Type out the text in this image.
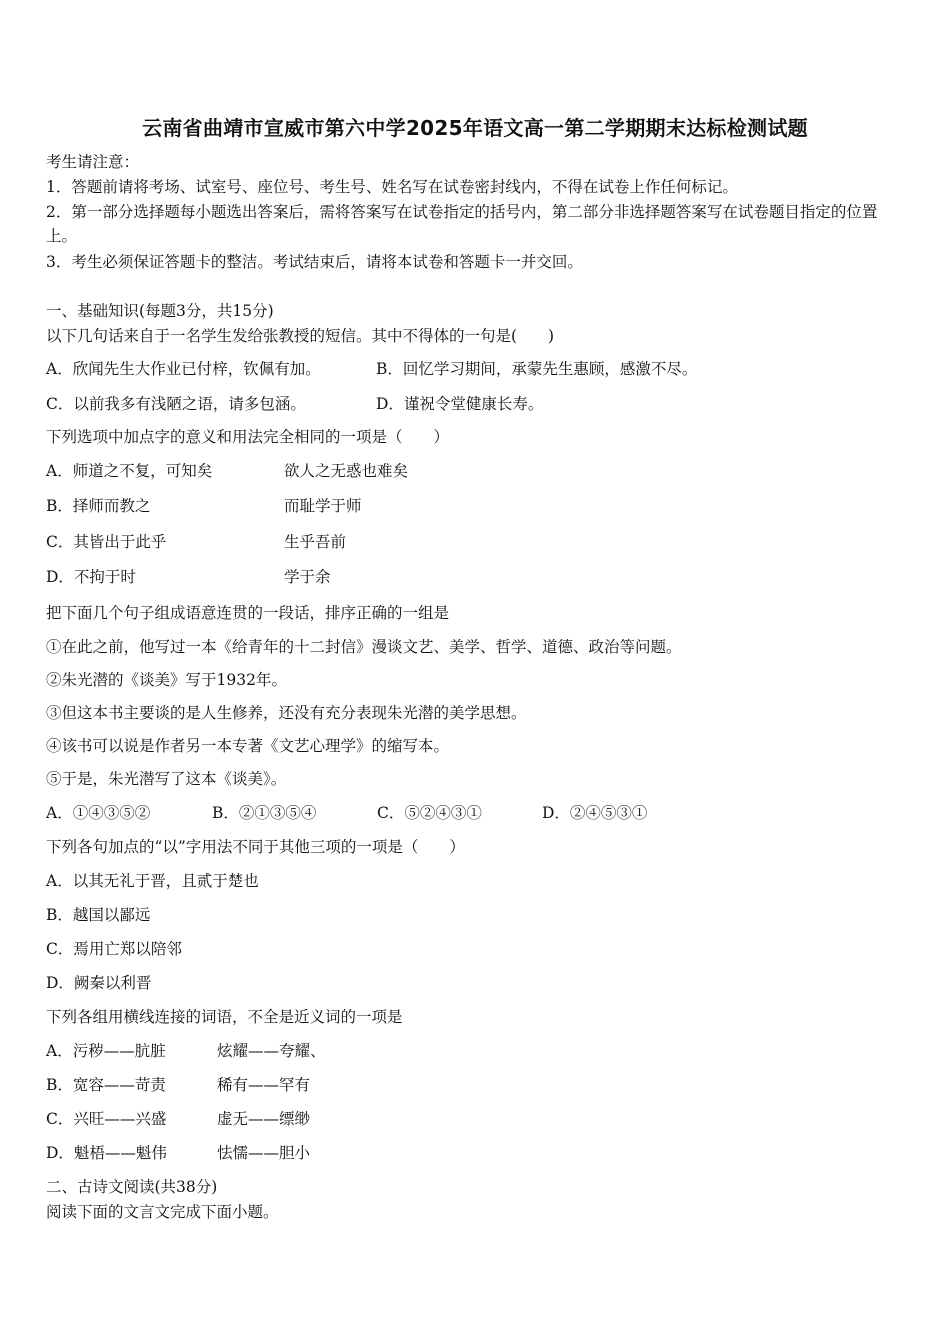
云南省曲靖市宣威市第六中学2025年语文高一第二学期期末达标检测试题
考生请注意：
1．答题前请将考场、试室号、座位号、考生号、姓名写在试卷密封线内，不得在试卷上作任何标记。
2．第一部分选择题每小题选出答案后，需将答案写在试卷指定的括号内，第二部分非选择题答案写在试卷题目指定的位置上。
3．考生必须保证答题卡的整洁。考试结束后，请将本试卷和答题卡一并交回。
一、基础知识(每题3分，共15分)
以下几句话来自于一名学生发给张教授的短信。其中不得体的一句是(　　)
A．欣闻先生大作业已付梓，钦佩有加。	B．回忆学习期间，承蒙先生惠顾，感激不尽。
C．以前我多有浅陋之语，请多包涵。	D．谨祝令堂健康长寿。
下列选项中加点字的意义和用法完全相同的一项是（　　）
A．师道之不复，可知矣	欲人之无惑也难矣
B．择师而教之	而耻学于师
C．其皆出于此乎	生乎吾前
D．不拘于时	学于余
把下面几个句子组成语意连贯的一段话，排序正确的一组是
①在此之前，他写过一本《给青年的十二封信》漫谈文艺、美学、哲学、道德、政治等问题。
②朱光潜的《谈美》写于1932年。
③但这本书主要谈的是人生修养，还没有充分表现朱光潜的美学思想。
④该书可以说是作者另一本专著《文艺心理学》的缩写本。
⑤于是，朱光潜写了这本《谈美》。
A．①④③⑤②	B．②①③⑤④	C．⑤②④③①	D．②④⑤③①
下列各句加点的“以”字用法不同于其他三项的一项是（　　）
A．以其无礼于晋，且贰于楚也
B．越国以鄙远
C．焉用亡郑以陪邻
D．阙秦以利晋
下列各组用横线连接的词语，不全是近义词的一项是
A．污秽——肮脏	炫耀——夸耀、
B．宽容——苛责	稀有——罕有
C．兴旺——兴盛	虚无——缥缈
D．魁梧——魁伟	怯懦——胆小
二、古诗文阅读(共38分)
阅读下面的文言文完成下面小题。
